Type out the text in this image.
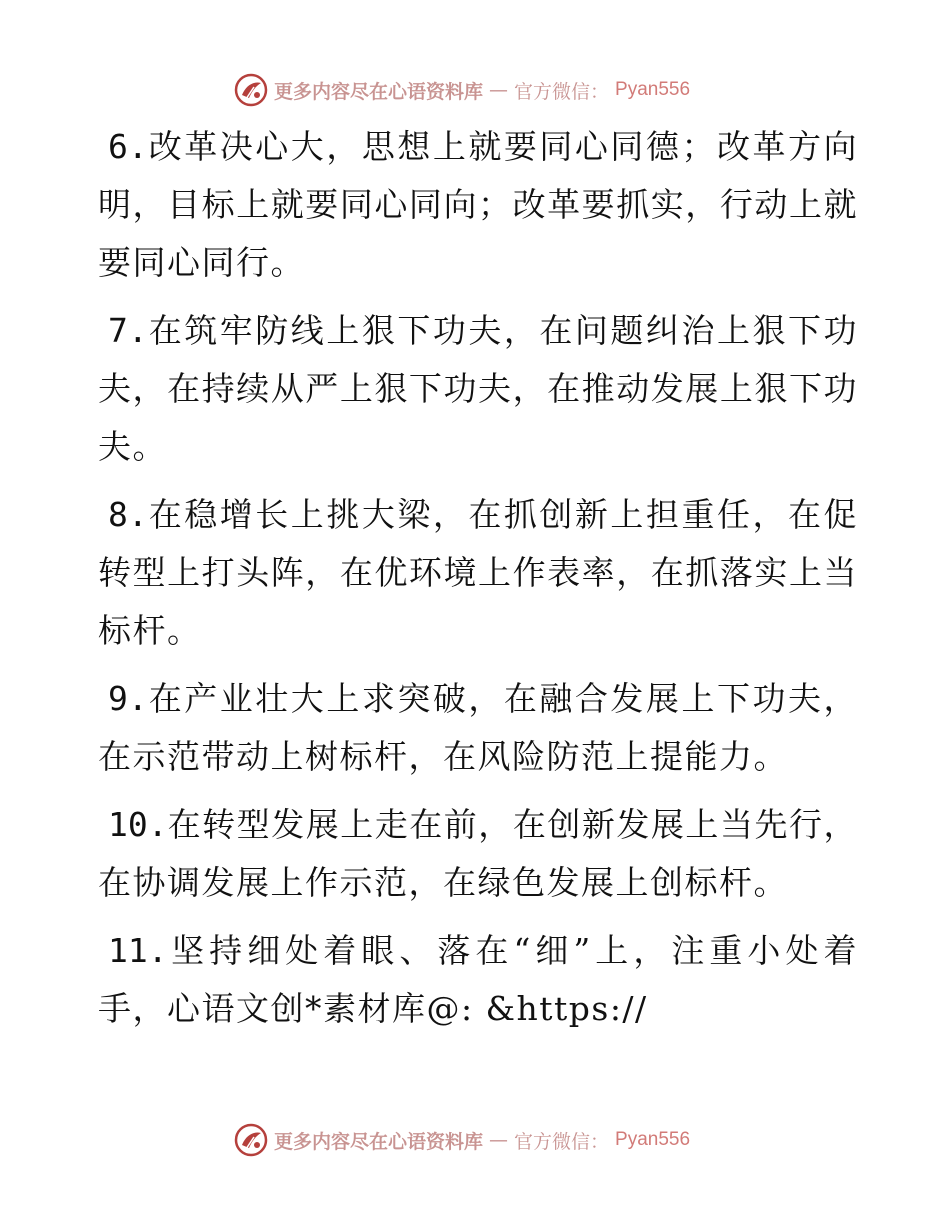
更多内容尽在心语资料库 — 官方微信： Pyan556

6.改革决心大，思想上就要同心同德；改革方向明，目标上就要同心同向；改革要抓实，行动上就要同心同行。

7.在筑牢防线上狠下功夫，在问题纠治上狠下功夫，在持续从严上狠下功夫，在推动发展上狠下功夫。

8.在稳增长上挑大梁，在抓创新上担重任，在促转型上打头阵，在优环境上作表率，在抓落实上当标杆。

9.在产业壮大上求突破，在融合发展上下功夫，在示范带动上树标杆，在风险防范上提能力。

10.在转型发展上走在前，在创新发展上当先行，在协调发展上作示范，在绿色发展上创标杆。

11.坚持细处着眼、落在“细”上，注重小处着手，心语文创*素材库@: &https://

更多内容尽在心语资料库 — 官方微信： Pyan556
